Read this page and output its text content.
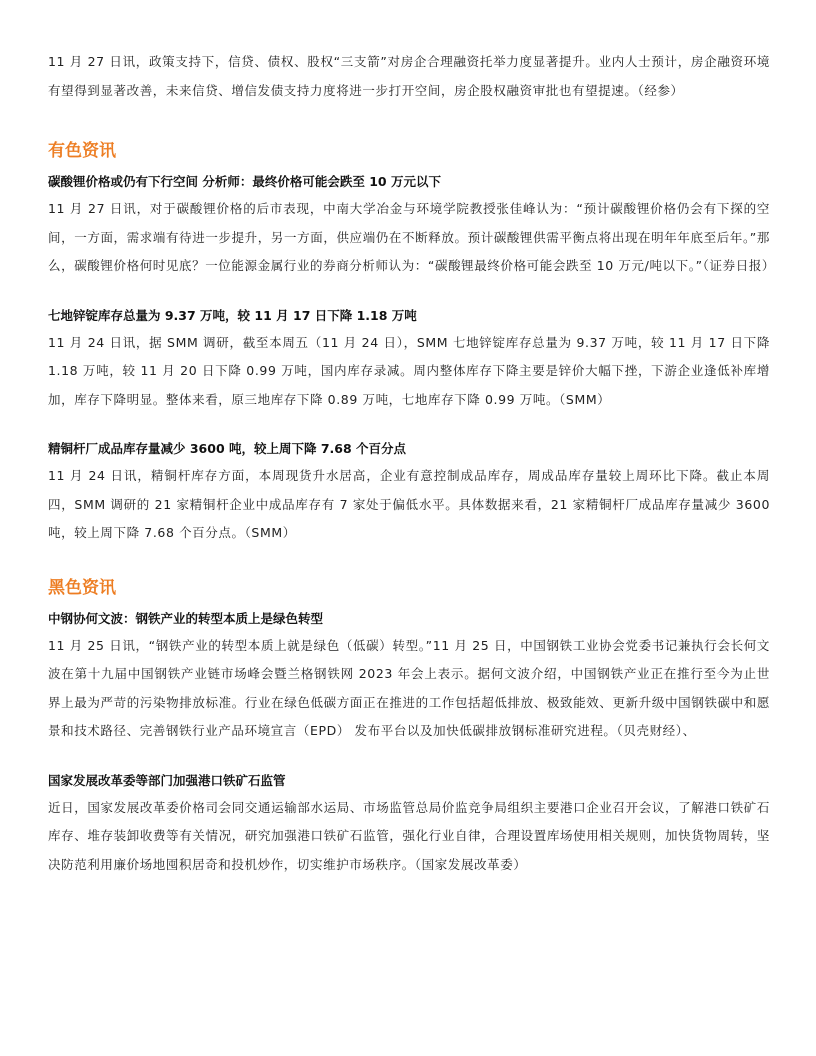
11 月 27 日讯，政策支持下，信贷、债权、股权“三支箭”对房企合理融资托举力度显著提升。业内人士预计，房企融资环境有望得到显著改善，未来信贷、增信发债支持力度将进一步打开空间，房企股权融资审批也有望提速。（经参）

有色资讯
碳酸锂价格或仍有下行空间 分析师：最终价格可能会跌至 10 万元以下

11 月 27 日讯，对于碳酸锂价格的后市表现，中南大学冶金与环境学院教授张佳峰认为：“预计碳酸锂价格仍会有下探的空间，一方面，需求端有待进一步提升，另一方面，供应端仍在不断释放。预计碳酸锂供需平衡点将出现在明年年底至后年。”那么，碳酸锂价格何时见底？一位能源金属行业的券商分析师认为：“碳酸锂最终价格可能会跌至 10 万元/吨以下。”（证券日报）

七地锌锭库存总量为 9.37 万吨，较 11 月 17 日下降 1.18 万吨

11 月 24 日讯，据 SMM 调研，截至本周五（11 月 24 日），SMM 七地锌锭库存总量为 9.37 万吨，较 11 月 17 日下降 1.18 万吨，较 11 月 20 日下降 0.99 万吨，国内库存录减。周内整体库存下降主要是锌价大幅下挫，下游企业逢低补库增加，库存下降明显。整体来看，原三地库存下降 0.89 万吨，七地库存下降 0.99 万吨。（SMM）

精铜杆厂成品库存量减少 3600 吨，较上周下降 7.68 个百分点

11 月 24 日讯，精铜杆库存方面，本周现货升水居高，企业有意控制成品库存，周成品库存量较上周环比下降。截止本周四，SMM 调研的 21 家精铜杆企业中成品库存有 7 家处于偏低水平。具体数据来看，21 家精铜杆厂成品库存量减少 3600 吨，较上周下降 7.68 个百分点。（SMM）

黑色资讯
中钢协何文波：钢铁产业的转型本质上是绿色转型

11 月 25 日讯，“钢铁产业的转型本质上就是绿色（低碳）转型。”11 月 25 日，中国钢铁工业协会党委书记兼执行会长何文波在第十九届中国钢铁产业链市场峰会暨兰格钢铁网 2023 年会上表示。据何文波介绍，中国钢铁产业正在推行至今为止世界上最为严苛的污染物排放标准。行业在绿色低碳方面正在推进的工作包括超低排放、极致能效、更新升级中国钢铁碳中和愿景和技术路径、完善钢铁行业产品环境宣言（EPD） 发布平台以及加快低碳排放钢标准研究进程。（贝壳财经）、

国家发展改革委等部门加强港口铁矿石监管

近日，国家发展改革委价格司会同交通运输部水运局、市场监管总局价监竞争局组织主要港口企业召开会议，了解港口铁矿石库存、堆存装卸收费等有关情况，研究加强港口铁矿石监管，强化行业自律，合理设置库场使用相关规则，加快货物周转，坚决防范利用廉价场地囤积居奇和投机炒作，切实维护市场秩序。（国家发展改革委）
